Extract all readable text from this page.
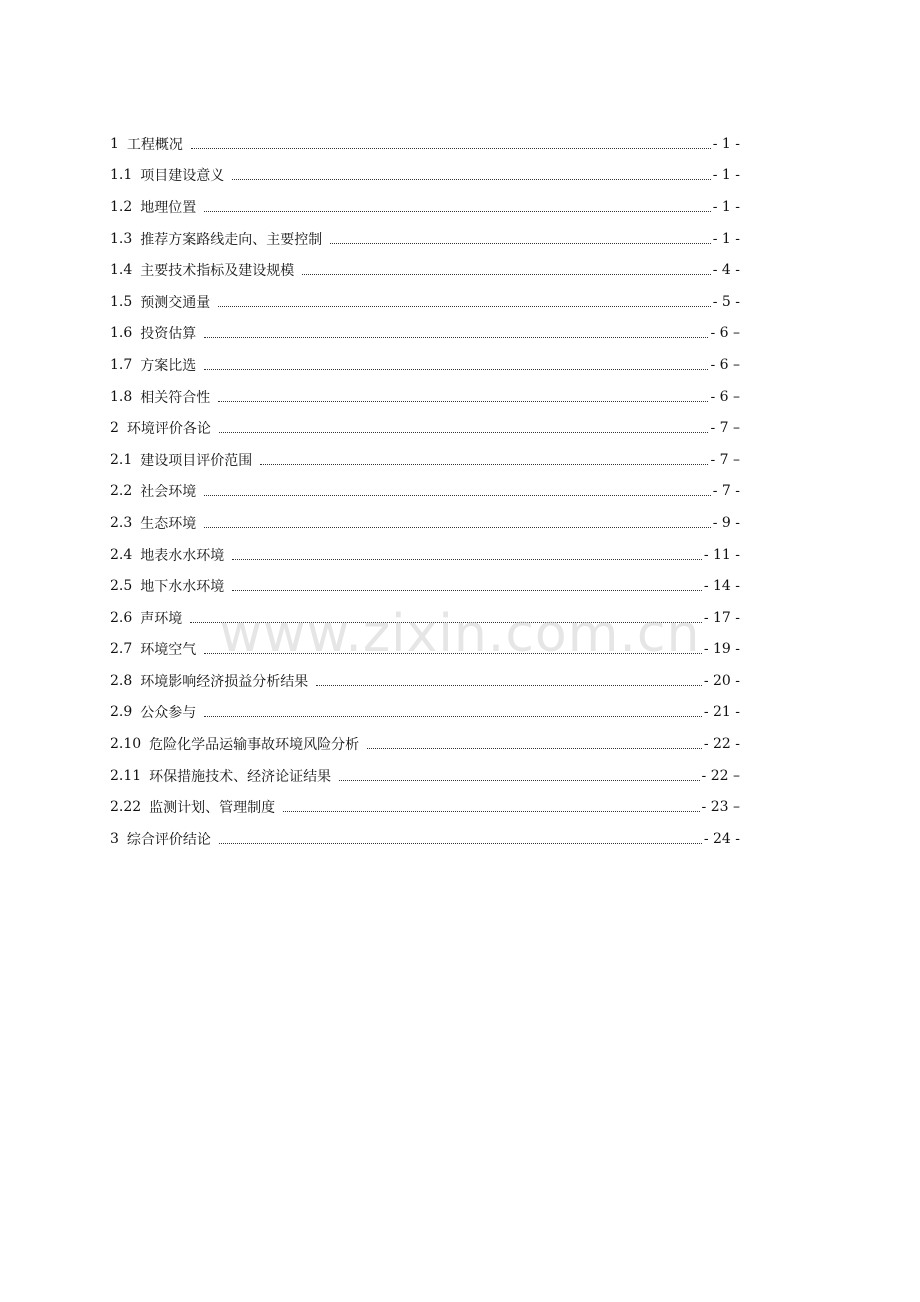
1 工程概况	- 1 -
1.1 项目建设意义	- 1 -
1.2 地理位置	- 1 -
1.3 推荐方案路线走向、主要控制	- 1 -
1.4 主要技术指标及建设规模	- 4 -
1.5 预测交通量	- 5 -
1.6 投资估算	- 6 –
1.7 方案比选	- 6 –
1.8 相关符合性	- 6 –
2 环境评价各论	- 7 –
2.1 建设项目评价范围	- 7 –
2.2 社会环境	- 7 -
2.3 生态环境	- 9 -
2.4 地表水水环境	- 11 -
2.5 地下水水环境	- 14 -
2.6 声环境	- 17 -
2.7 环境空气	- 19 -
2.8 环境影响经济损益分析结果	- 20 -
2.9 公众参与	- 21 -
2.10 危险化学品运输事故环境风险分析	- 22 -
2.11 环保措施技术、经济论证结果	- 22 –
2.22 监测计划、管理制度	- 23 –
3 综合评价结论	- 24 -
www.zixin.com.cn
